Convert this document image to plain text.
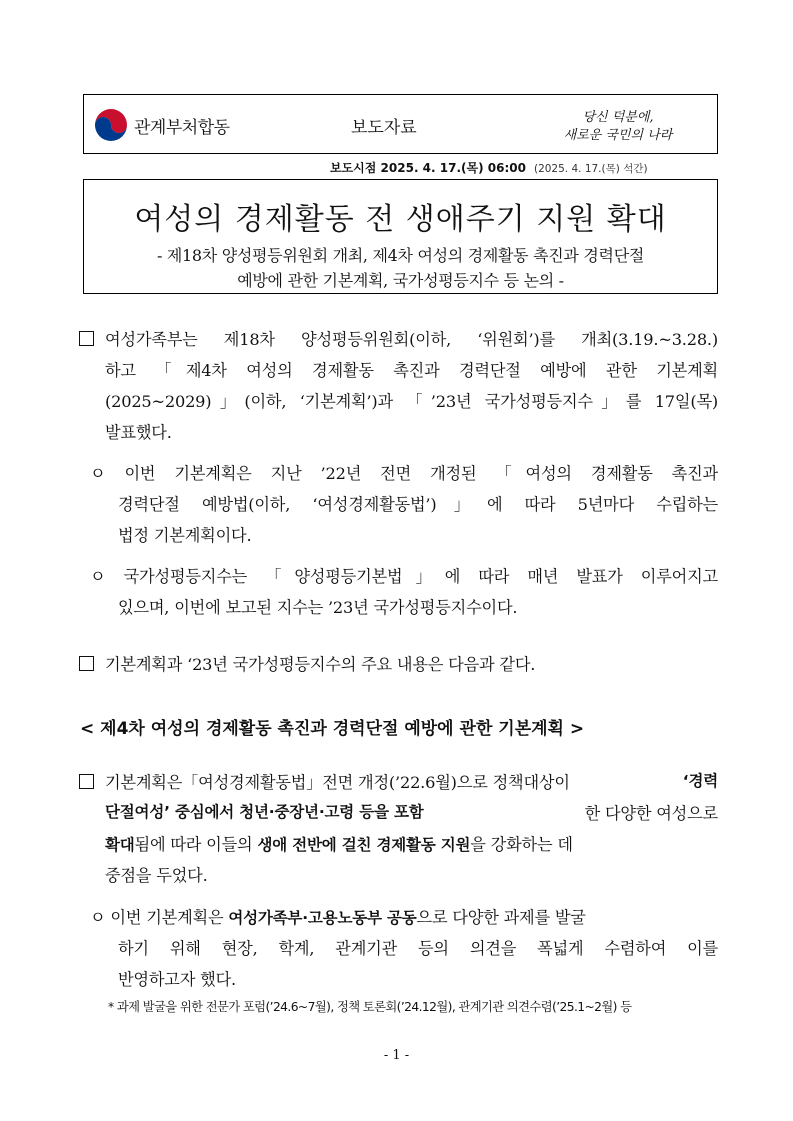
관계부처합동	보도자료
당신 덕분에,
새로운 국민의 나라
보도시점 2025. 4. 17.(목) 06:00 (2025. 4. 17.(목) 석간)
여성의 경제활동 전 생애주기 지원 확대
- 제18차 양성평등위원회 개최, 제4차 여성의 경제활동 촉진과 경력단절
예방에 관한 기본계획, 국가성평등지수 등 논의 -
여성가족부는 제18차 양성평등위원회(이하, ‘위원회’)를 개최(3.19.~3.28.)
하고 「제4차 여성의 경제활동 촉진과 경력단절 예방에 관한 기본계획
(2025~2029)」(이하, ‘기본계획’)과 「’23년 국가성평등지수」를 17일(목)
발표했다.
ㅇ 이번 기본계획은 지난 ’22년 전면 개정된 「여성의 경제활동 촉진과
경력단절 예방법(이하, ‘여성경제활동법’)」에 따라 5년마다 수립하는
법정 기본계획이다.
ㅇ 국가성평등지수는 「양성평등기본법」에 따라 매년 발표가 이루어지고
있으며, 이번에 보고된 지수는 ’23년 국가성평등지수이다.
기본계획과 ‘23년 국가성평등지수의 주요 내용은 다음과 같다.
< 제4차 여성의 경제활동 촉진과 경력단절 예방에 관한 기본계획 >
기본계획은「여성경제활동법」전면 개정(’22.6월)으로 정책대상이	‘경력
단절여성’ 중심에서 청년·중장년·고령 등을 포함	한 다양한 여성으로
확대됨에 따라 이들의 생애 전반에 걸친 경제활동 지원을 강화하는 데
중점을 두었다.
ㅇ 이번 기본계획은 여성가족부·고용노동부 공동으로 다양한 과제를 발굴
하기 위해 현장, 학계, 관계기관 등의 의견을 폭넓게 수렴하여 이를
반영하고자 했다.
* 과제 발굴을 위한 전문가 포럼(’24.6~7월), 정책 토론회(’24.12월), 관계기관 의견수렴(’25.1~2월) 등
- 1 -
